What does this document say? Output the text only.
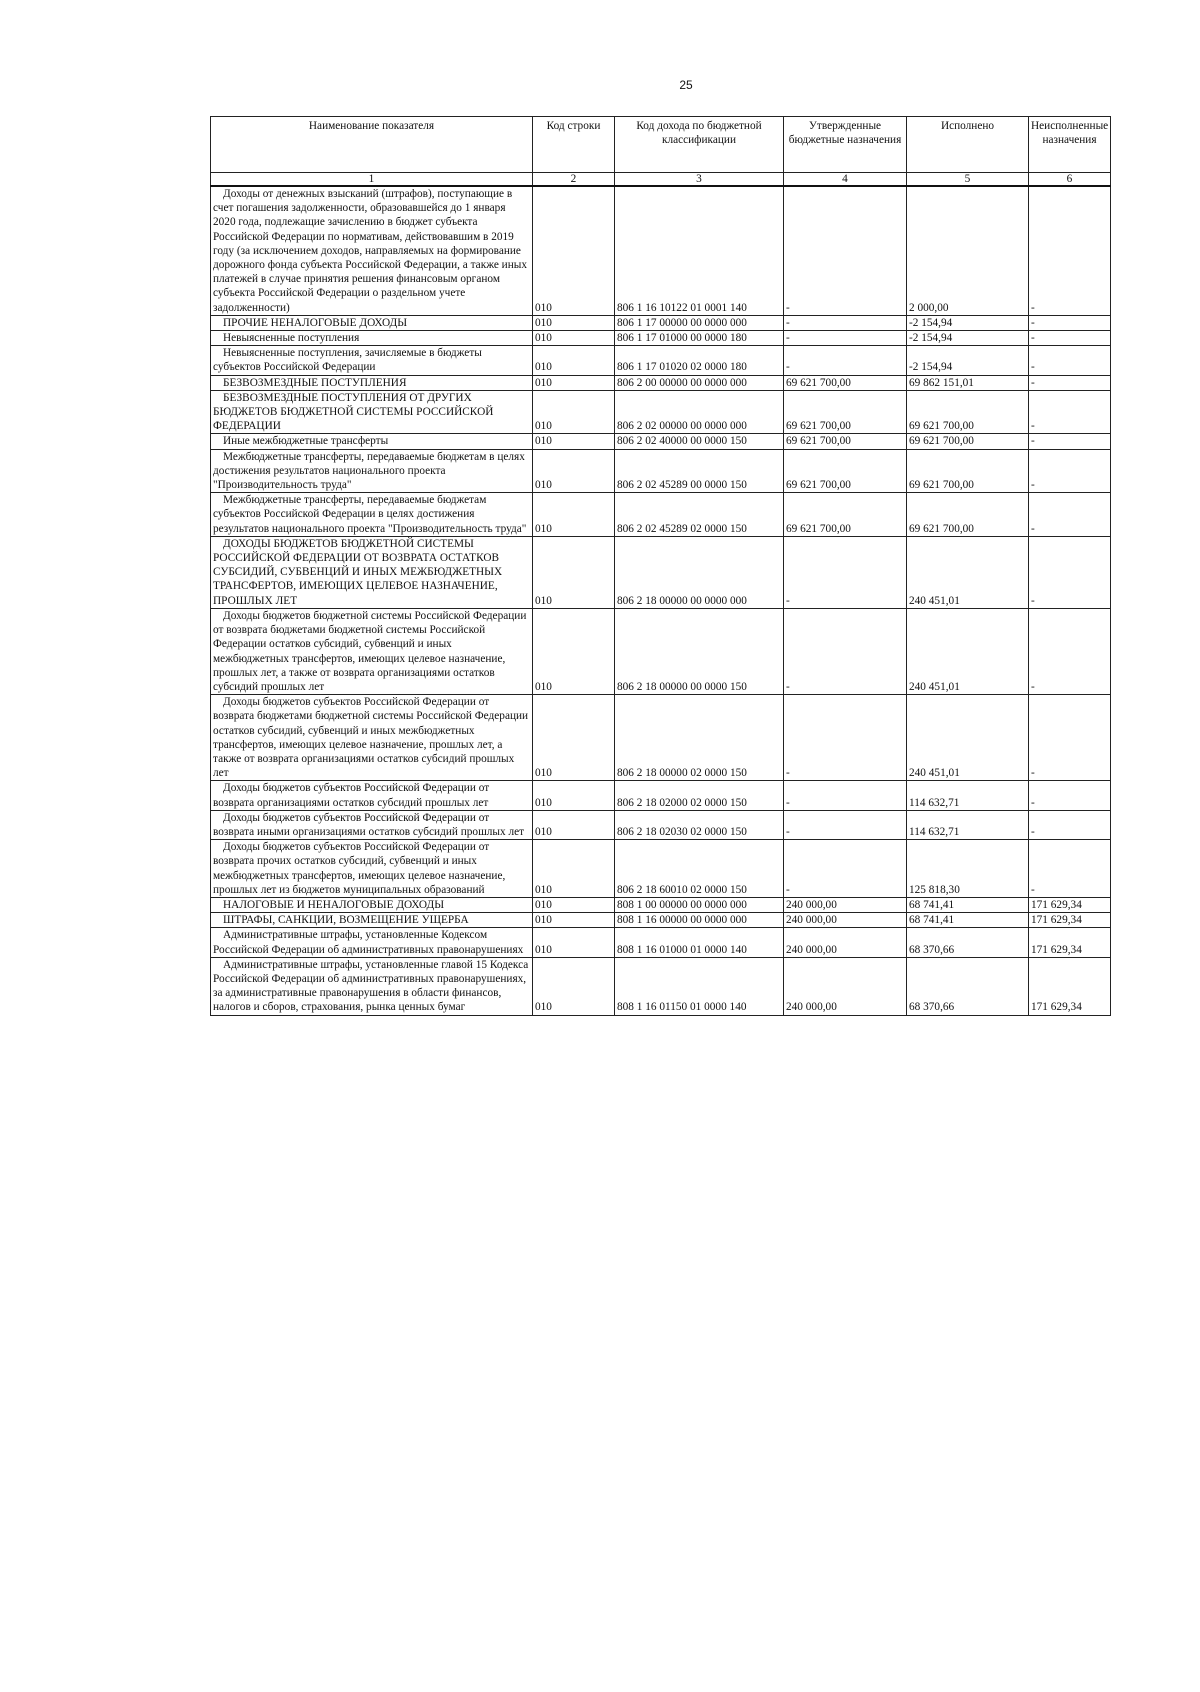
25
Наименование показателя	Код строки	Код дохода по бюджетной классификации	Утвержденные бюджетные назначения	Исполнено	Неисполненные назначения
1	2	3	4	5	6
Доходы от денежных взысканий (штрафов), поступающие в счет погашения задолженности, образовавшейся до 1 января 2020 года, подлежащие зачислению в бюджет субъекта Российской Федерации по нормативам, действовавшим в 2019 году (за исключением доходов, направляемых на формирование дорожного фонда субъекта Российской Федерации, а также иных платежей в случае принятия решения финансовым органом субъекта Российской Федерации о раздельном учете задолженности)	010	806 1 16 10122 01 0001 140	-	2 000,00	-
ПРОЧИЕ НЕНАЛОГОВЫЕ ДОХОДЫ	010	806 1 17 00000 00 0000 000	-	-2 154,94	-
Невыясненные поступления	010	806 1 17 01000 00 0000 180	-	-2 154,94	-
Невыясненные поступления, зачисляемые в бюджеты субъектов Российской Федерации	010	806 1 17 01020 02 0000 180	-	-2 154,94	-
БЕЗВОЗМЕЗДНЫЕ ПОСТУПЛЕНИЯ	010	806 2 00 00000 00 0000 000	69 621 700,00	69 862 151,01	-
БЕЗВОЗМЕЗДНЫЕ ПОСТУПЛЕНИЯ ОТ ДРУГИХ БЮДЖЕТОВ БЮДЖЕТНОЙ СИСТЕМЫ РОССИЙСКОЙ ФЕДЕРАЦИИ	010	806 2 02 00000 00 0000 000	69 621 700,00	69 621 700,00	-
Иные межбюджетные трансферты	010	806 2 02 40000 00 0000 150	69 621 700,00	69 621 700,00	-
Межбюджетные трансферты, передаваемые бюджетам в целях достижения результатов национального проекта "Производительность труда"	010	806 2 02 45289 00 0000 150	69 621 700,00	69 621 700,00	-
Межбюджетные трансферты, передаваемые бюджетам субъектов Российской Федерации в целях достижения результатов национального проекта "Производительность труда"	010	806 2 02 45289 02 0000 150	69 621 700,00	69 621 700,00	-
ДОХОДЫ БЮДЖЕТОВ БЮДЖЕТНОЙ СИСТЕМЫ РОССИЙСКОЙ ФЕДЕРАЦИИ ОТ ВОЗВРАТА ОСТАТКОВ СУБСИДИЙ, СУБВЕНЦИЙ И ИНЫХ МЕЖБЮДЖЕТНЫХ ТРАНСФЕРТОВ, ИМЕЮЩИХ ЦЕЛЕВОЕ НАЗНАЧЕНИЕ, ПРОШЛЫХ ЛЕТ	010	806 2 18 00000 00 0000 000	-	240 451,01	-
Доходы бюджетов бюджетной системы Российской Федерации от возврата бюджетами бюджетной системы Российской Федерации остатков субсидий, субвенций и иных межбюджетных трансфертов, имеющих целевое назначение, прошлых лет, а также от возврата организациями остатков субсидий прошлых лет	010	806 2 18 00000 00 0000 150	-	240 451,01	-
Доходы бюджетов субъектов Российской Федерации от возврата бюджетами бюджетной системы Российской Федерации остатков субсидий, субвенций и иных межбюджетных трансфертов, имеющих целевое назначение, прошлых лет, а также от возврата организациями остатков субсидий прошлых лет	010	806 2 18 00000 02 0000 150	-	240 451,01	-
Доходы бюджетов субъектов Российской Федерации от возврата организациями остатков субсидий прошлых лет	010	806 2 18 02000 02 0000 150	-	114 632,71	-
Доходы бюджетов субъектов Российской Федерации от возврата иными организациями остатков субсидий прошлых лет	010	806 2 18 02030 02 0000 150	-	114 632,71	-
Доходы бюджетов субъектов Российской Федерации от возврата прочих остатков субсидий, субвенций и иных межбюджетных трансфертов, имеющих целевое назначение, прошлых лет из бюджетов муниципальных образований	010	806 2 18 60010 02 0000 150	-	125 818,30	-
НАЛОГОВЫЕ И НЕНАЛОГОВЫЕ ДОХОДЫ	010	808 1 00 00000 00 0000 000	240 000,00	68 741,41	171 629,34
ШТРАФЫ, САНКЦИИ, ВОЗМЕЩЕНИЕ УЩЕРБА	010	808 1 16 00000 00 0000 000	240 000,00	68 741,41	171 629,34
Административные штрафы, установленные Кодексом Российской Федерации об административных правонарушениях	010	808 1 16 01000 01 0000 140	240 000,00	68 370,66	171 629,34
Административные штрафы, установленные главой 15 Кодекса Российской Федерации об административных правонарушениях, за административные правонарушения в области финансов, налогов и сборов, страхования, рынка ценных бумаг	010	808 1 16 01150 01 0000 140	240 000,00	68 370,66	171 629,34
